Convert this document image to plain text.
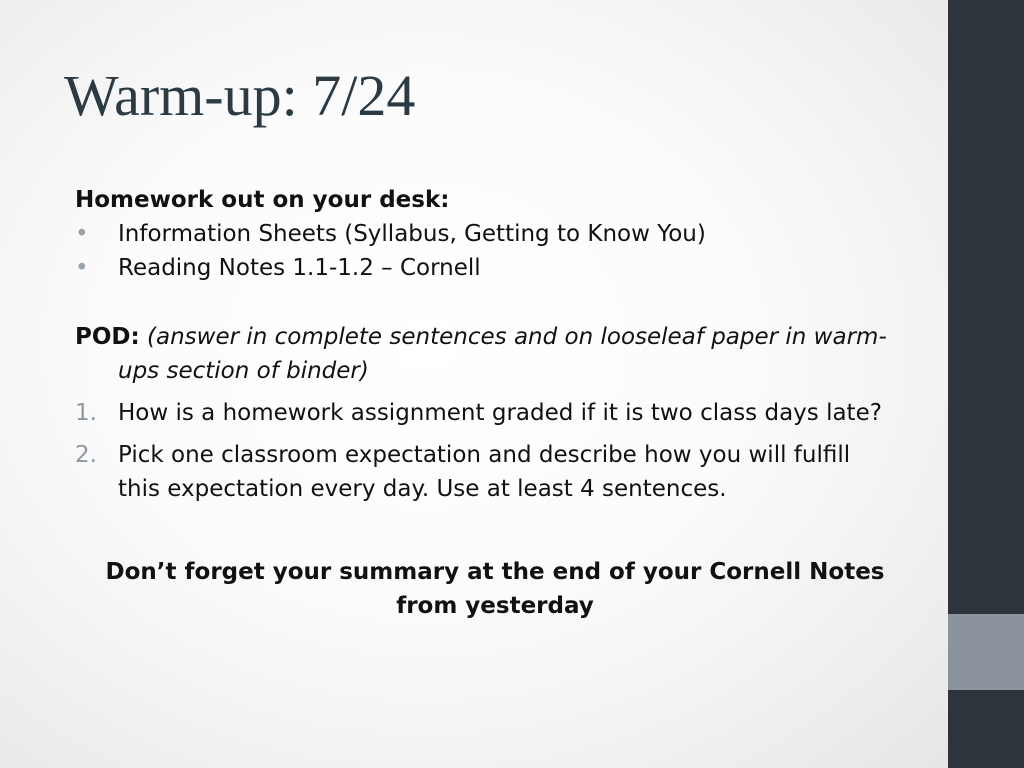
Warm-up: 7/24
Homework out on your desk:
• Information Sheets (Syllabus, Getting to Know You)
• Reading Notes 1.1-1.2 – Cornell
POD: (answer in complete sentences and on looseleaf paper in warm-ups section of binder)
1. How is a homework assignment graded if it is two class days late?
2. Pick one classroom expectation and describe how you will fulfill this expectation every day. Use at least 4 sentences.
Don’t forget your summary at the end of your Cornell Notes from yesterday
